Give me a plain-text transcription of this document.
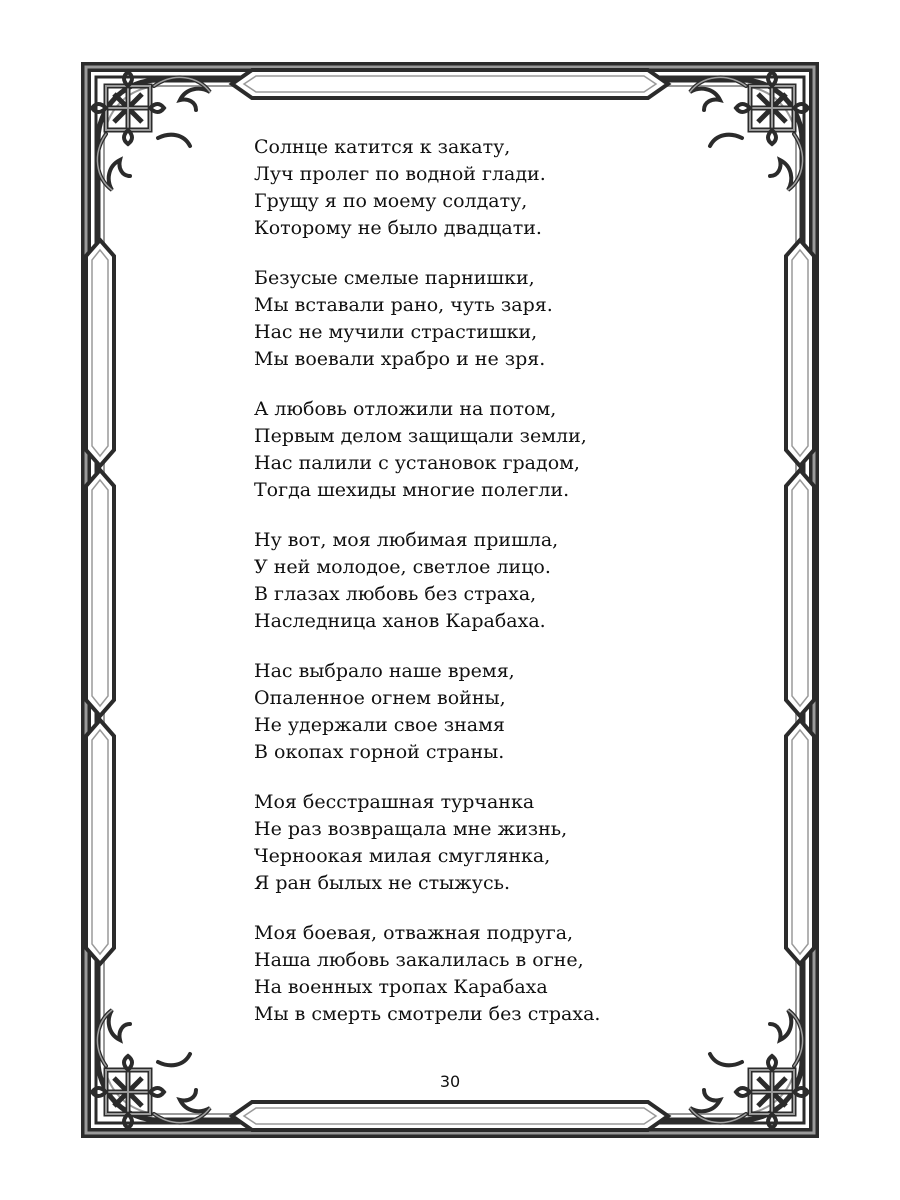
Солнце катится к закату,
Луч пролег по водной глади.
Грущу я по моему солдату,
Которому не было двадцати.
Безусые смелые парнишки,
Мы вставали рано, чуть заря.
Нас не мучили страстишки,
Мы воевали храбро и не зря.
А любовь отложили на потом,
Первым делом защищали земли,
Нас палили с установок градом,
Тогда шехиды многие полегли.
Ну вот, моя любимая пришла,
У ней молодое, светлое лицо.
В глазах любовь без страха,
Наследница ханов Карабаха.
Нас выбрало наше время,
Опаленное огнем войны,
Не удержали свое знамя
В окопах горной страны.
Моя бесстрашная турчанка
Не раз возвращала мне жизнь,
Черноокая милая смуглянка,
Я ран былых не стыжусь.
Моя боевая, отважная подруга,
Наша любовь закалилась в огне,
На военных тропах Карабаха
Мы в смерть смотрели без страха.
30
